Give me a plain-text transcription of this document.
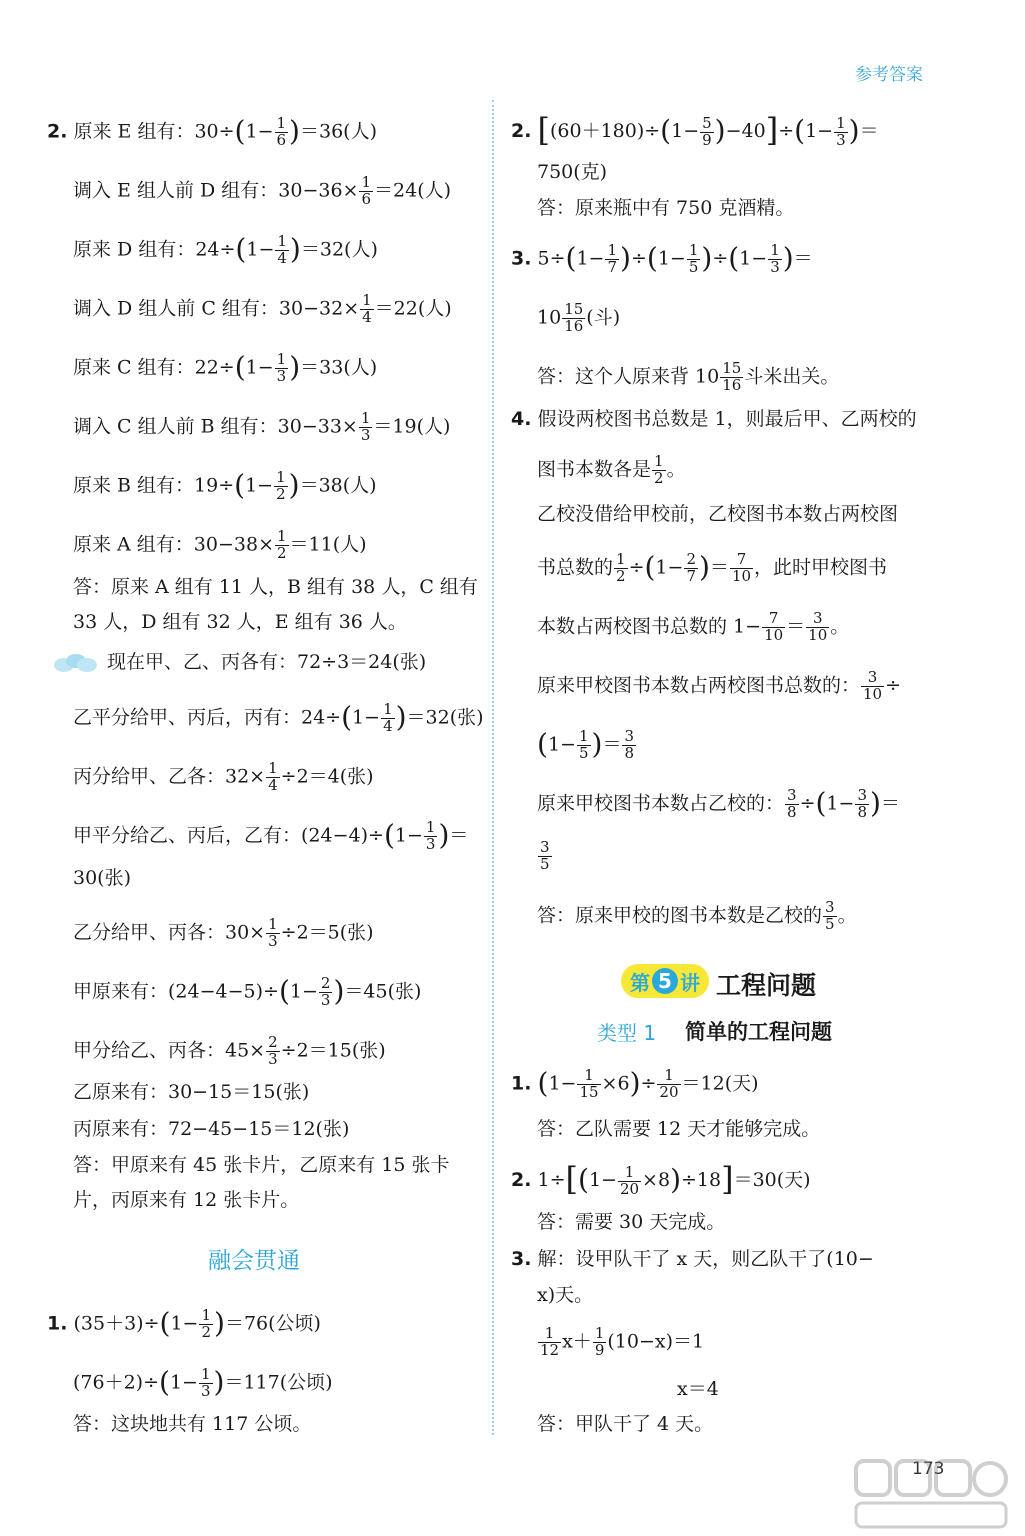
参考答案
2. 原来 E 组有：$30\div(1- \frac{1}{6} )=36$(人)
调入 E 组人前 D 组有：$30-36\times \frac{1}{6} =24$(人)
原来 D 组有：$24\div(1- \frac{1}{4} )=32$(人)
调入 D 组人前 C 组有：$30-32\times \frac{1}{4} =22$(人)
原来 C 组有：$22\div(1- \frac{1}{3} )=33$(人)
调入 C 组人前 B 组有：$30-33\times \frac{1}{3} =19$(人)
原来 B 组有：$19\div(1- \frac{1}{2} )=38$(人)
原来 A 组有：$30-38\times \frac{1}{2} =11$(人)
答：原来 A 组有 11 人，B 组有 38 人，C 组有
33 人，D 组有 32 人，E 组有 36 人。
现在甲、乙、丙各有：72÷3＝24(张)
乙平分给甲、丙后，丙有：$24\div(1- \frac{1}{4} )=32$(张)
丙分给甲、乙各：$32\times \frac{1}{4} \div 2=4$(张)
甲平分给乙、丙后，乙有：$(24-4)\div(1- \frac{1}{3}$ )＝
30(张)
乙分给甲、丙各：$30\times \frac{1}{3} \div 2=5$(张)
甲原来有：$(24-4-5)\div(1- \frac{2}{3} )=45$(张)
甲分给乙、丙各：$45\times \frac{2}{3} \div 2=15$(张)
乙原来有：30−15＝15(张)
丙原来有：72−45−15＝12(张)
答：甲原来有 45 张卡片，乙原来有 15 张卡
片，丙原来有 12 张卡片。
融会贯通
1. $(35+3)\div(1- \frac{1}{2} )=76$(公顷)
$(76+2)\div(1- \frac{1}{3} )=117$(公顷)
答：这块地共有 117 公顷。
2. $[(60+180)\div(1- \frac{5}{9} )-40]\div(1- \frac{1}{3}$ )＝
750(克)
答：原来瓶中有 750 克酒精。
3. $5\div(1- \frac{1}{7} )\div(1- \frac{1}{5} )\div(1- \frac{1}{3}$ )＝
$10 \frac{15}{16}$ (斗)
答：这个人原来背 $10 \frac{15}{16}$ 斗米出关。
4. 假设两校图书总数是 1，则最后甲、乙两校的
图书本数各是 $\frac{1}{2}$ 。
乙校没借给甲校前，乙校图书本数占两校图
书总数的 $\frac{1}{2} \div(1- \frac{2}{7}$ )＝ $\frac{7}{10}$ ，此时甲校图书
本数占两校图书总数的 $1- \frac{7}{10} = \frac{3}{10}$ 。
原来甲校图书本数占两校图书总数的： $\frac{3}{10}$ ÷
($1- \frac{1}{5}$ )＝ $\frac{3}{8}$
原来甲校图书本数占乙校的： $\frac{3}{8} \div(1- \frac{3}{8}$ )＝
$\frac{3}{5}$
答：原来甲校的图书本数是乙校的 $\frac{3}{5}$ 。
第 5 讲 工程问题
类型 1 简单的工程问题
1. $(1- \frac{1}{15} \times 6)\div \frac{1}{20} =12$(天)
答：乙队需要 12 天才能够完成。
2. $1\div[(1- \frac{1}{20} \times 8)\div 18]=30$(天)
答：需要 30 天完成。
3. 解：设甲队干了 x 天，则乙队干了(10−
x)天。
$\frac{1}{12} x+ \frac{1}{9} (10-x)=1$
x＝4
答：甲队干了 4 天。
173
